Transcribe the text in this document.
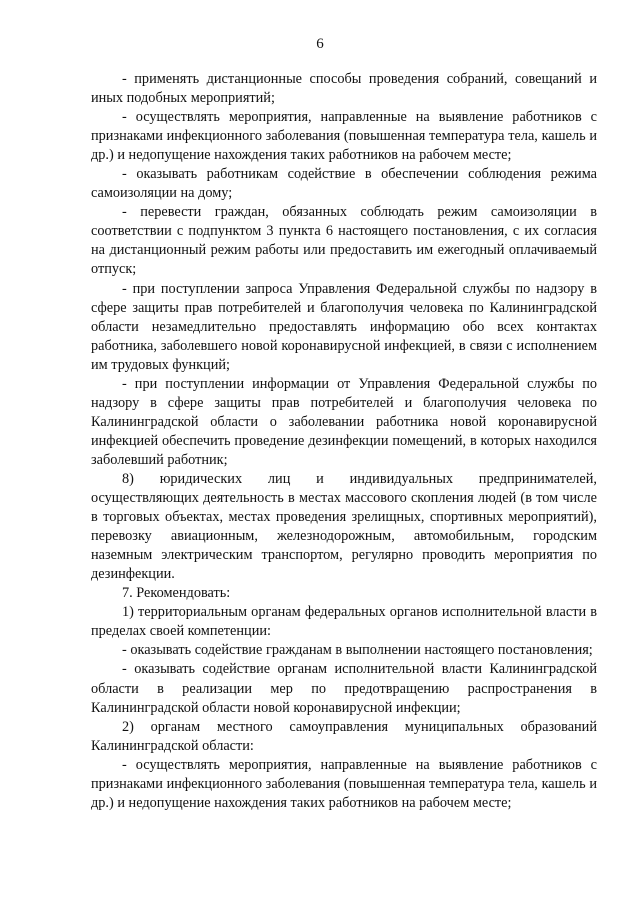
6

- применять дистанционные способы проведения собраний, совещаний и иных подобных мероприятий;

- осуществлять мероприятия, направленные на выявление работников с признаками инфекционного заболевания (повышенная температура тела, кашель и др.) и недопущение нахождения таких работников на рабочем месте;

- оказывать работникам содействие в обеспечении соблюдения режима самоизоляции на дому;

- перевести граждан, обязанных соблюдать режим самоизоляции в соответствии с подпунктом 3 пункта 6 настоящего постановления, с их согласия на дистанционный режим работы или предоставить им ежегодный оплачиваемый отпуск;

- при поступлении запроса Управления Федеральной службы по надзору в сфере защиты прав потребителей и благополучия человека по Калининградской области незамедлительно предоставлять информацию обо всех контактах работника, заболевшего новой коронавирусной инфекцией, в связи с исполнением им трудовых функций;

- при поступлении информации от Управления Федеральной службы по надзору в сфере защиты прав потребителей и благополучия человека по Калининградской области о заболевании работника новой коронавирусной инфекцией обеспечить проведение дезинфекции помещений, в которых находился заболевший работник;

8) юридических лиц и индивидуальных предпринимателей, осуществляющих деятельность в местах массового скопления людей (в том числе в торговых объектах, местах проведения зрелищных, спортивных мероприятий), перевозку авиационным, железнодорожным, автомобильным, городским наземным электрическим транспортом, регулярно проводить мероприятия по дезинфекции.

7. Рекомендовать:

1) территориальным органам федеральных органов исполнительной власти в пределах своей компетенции:

- оказывать содействие гражданам в выполнении настоящего постановления;

- оказывать содействие органам исполнительной власти Калининградской области в реализации мер по предотвращению распространения в Калининградской области новой коронавирусной инфекции;

2) органам местного самоуправления муниципальных образований Калининградской области:

- осуществлять мероприятия, направленные на выявление работников с признаками инфекционного заболевания (повышенная температура тела, кашель и др.) и недопущение нахождения таких работников на рабочем месте;
